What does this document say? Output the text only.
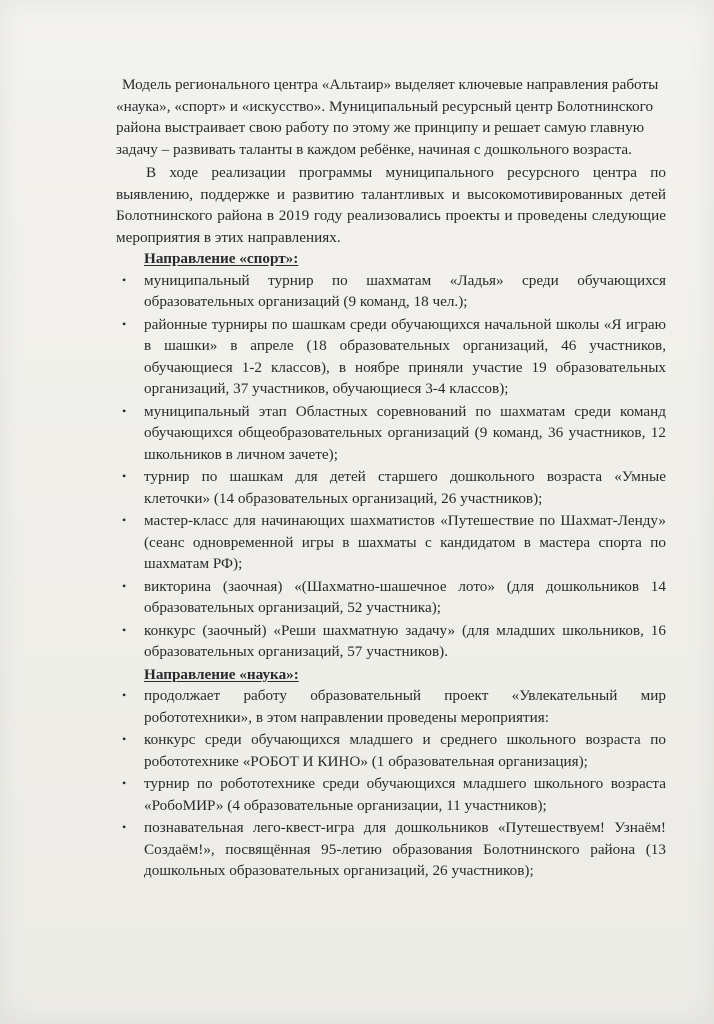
Модель регионального центра «Альтаир» выделяет ключевые направления работы «наука», «спорт» и «искусство». Муниципальный ресурсный центр Болотнинского района выстраивает свою работу по этому же принципу и решает самую главную задачу – развивать таланты в каждом ребёнке, начиная с дошкольного возраста.

В ходе реализации программы муниципального ресурсного центра по выявлению, поддержке и развитию талантливых и высокомотивированных детей Болотнинского района в 2019 году реализовались проекты и проведены следующие мероприятия в этих направлениях.

Направление «спорт»:
• муниципальный турнир по шахматам «Ладья» среди обучающихся образовательных организаций (9 команд, 18 чел.);
• районные турниры по шашкам среди обучающихся начальной школы «Я играю в шашки» в апреле (18 образовательных организаций, 46 участников, обучающиеся 1-2 классов), в ноябре приняли участие 19 образовательных организаций, 37 участников, обучающиеся 3-4 классов);
• муниципальный этап Областных соревнований по шахматам среди команд обучающихся общеобразовательных организаций (9 команд, 36 участников, 12 школьников в личном зачете);
• турнир по шашкам для детей старшего дошкольного возраста «Умные клеточки» (14 образовательных организаций, 26 участников);
• мастер-класс для начинающих шахматистов «Путешествие по Шахмат-Ленду» (сеанс одновременной игры в шахматы с кандидатом в мастера спорта по шахматам РФ);
• викторина (заочная) «(Шахматно-шашечное лото» (для дошкольников 14 образовательных организаций, 52 участника);
• конкурс (заочный) «Реши шахматную задачу» (для младших школьников, 16 образовательных организаций, 57 участников).
Направление «наука»:
• продолжает работу образовательный проект «Увлекательный мир робототехники», в этом направлении проведены мероприятия:
• конкурс среди обучающихся младшего и среднего школьного возраста по робототехнике «РОБОТ И КИНО» (1 образовательная организация);
• турнир по робототехнике среди обучающихся младшего школьного возраста «РобоМИР» (4 образовательные организации, 11 участников);
• познавательная лего-квест-игра для дошкольников «Путешествуем! Узнаём! Создаём!», посвящённая 95-летию образования Болотнинского района (13 дошкольных образовательных организаций, 26 участников);
